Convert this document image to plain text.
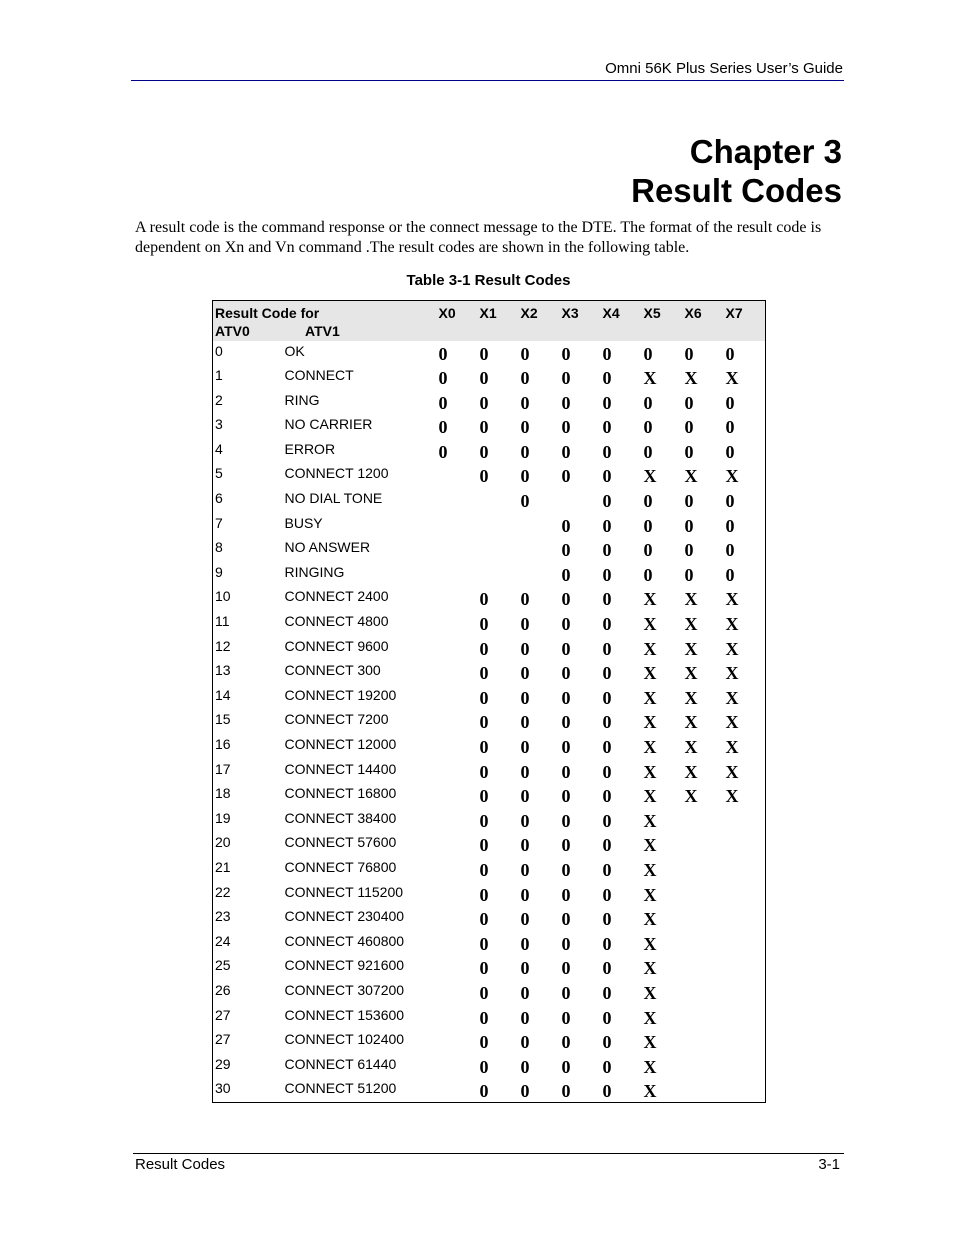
Omni 56K Plus Series User’s Guide
Chapter 3
Result Codes

A result code is the command response or the connect message to the DTE. The format of the result code is dependent on Xn and Vn command .The result codes are shown in the following table.

Table 3-1 Result Codes
Result Code for
ATV0 ATV1		X0	X1	X2	X3	X4	X5	X6	X7
0	OK	0	0	0	0	0	0	0	0
1	CONNECT	0	0	0	0	0	X	X	X
2	RING	0	0	0	0	0	0	0	0
3	NO CARRIER	0	0	0	0	0	0	0	0
4	ERROR	0	0	0	0	0	0	0	0
5	CONNECT 1200		0	0	0	0	X	X	X
6	NO DIAL TONE			0		0	0	0	0
7	BUSY				0	0	0	0	0
8	NO ANSWER				0	0	0	0	0
9	RINGING				0	0	0	0	0
10	CONNECT 2400		0	0	0	0	X	X	X
11	CONNECT 4800		0	0	0	0	X	X	X
12	CONNECT 9600		0	0	0	0	X	X	X
13	CONNECT 300		0	0	0	0	X	X	X
14	CONNECT 19200		0	0	0	0	X	X	X
15	CONNECT 7200		0	0	0	0	X	X	X
16	CONNECT 12000		0	0	0	0	X	X	X
17	CONNECT 14400		0	0	0	0	X	X	X
18	CONNECT 16800		0	0	0	0	X	X	X
19	CONNECT 38400		0	0	0	0	X		
20	CONNECT 57600		0	0	0	0	X		
21	CONNECT 76800		0	0	0	0	X		
22	CONNECT 115200		0	0	0	0	X		
23	CONNECT 230400		0	0	0	0	X		
24	CONNECT 460800		0	0	0	0	X		
25	CONNECT 921600		0	0	0	0	X		
26	CONNECT 307200		0	0	0	0	X		
27	CONNECT 153600		0	0	0	0	X		
27	CONNECT 102400		0	0	0	0	X		
29	CONNECT 61440		0	0	0	0	X		
30	CONNECT 51200		0	0	0	0	X		
Result Codes	3-1
